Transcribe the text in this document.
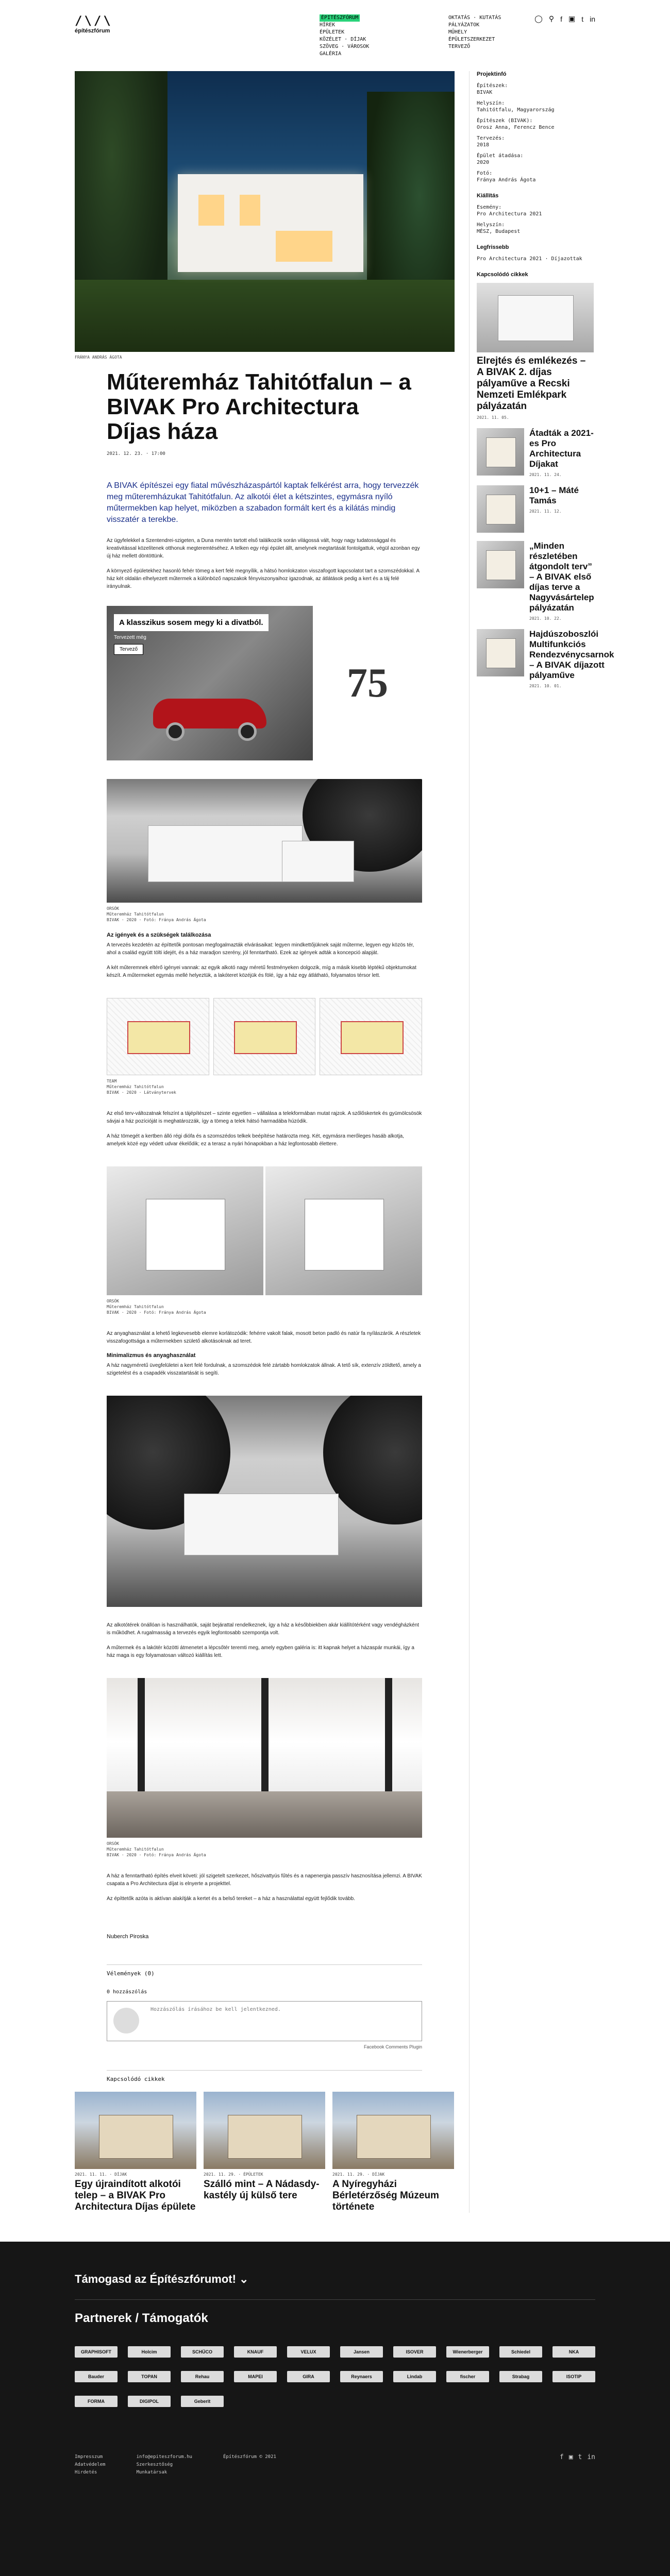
/\/\
építészfórum
ÉPITÉSZFÓRUM
HÍREK
ÉPÜLETEK
KÖZÉLET · DÍJAK
SZÖVEG · VÁROSOK
GALÉRIA
OKTATÁS · KUTATÁS
PÁLYÁZATOK
MŰHELY
ÉPÜLETSZERKEZET
TERVEZŐ
◯ ⚲ f ▣ t in
FRÁNYA ANDRÁS ÁGOTA
Műteremház Tahitótfalun – a BIVAK Pro Architectura Díjas háza
2021. 12. 23. · 17:00

A BIVAK építészei egy fiatal művészházaspártól kaptak felkérést arra, hogy tervezzék meg műteremházukat Tahitótfalun. Az alkotói élet a kétszintes, egymásra nyíló műtermekben kap helyet, miközben a szabadon formált kert és a kilátás mindig visszatér a terekbe.

Az ügyfelekkel a Szentendrei-szigeten, a Duna mentén tartott első találkozók során világossá vált, hogy nagy tudatossággal és kreativitással közelítenek otthonuk megteremtéséhez. A telken egy régi épület állt, amelynek megtartását fontolgattuk, végül azonban egy új ház mellett döntöttünk.

A környező épületekhez hasonló fehér tömeg a kert felé megnyílik, a hátsó homlokzaton visszafogott kapcsolatot tart a szomszédokkal. A ház két oldalán elhelyezett műtermek a különböző napszakok fényviszonyaihoz igazodnak, az átlátások pedig a kert és a táj felé irányulnak.

A klasszikus sosem megy ki a divatból.
Tervezett még
Tervező
75
ORSÓK
Műteremház Tahitótfalun
BIVAK · 2020 · Fotó: Fránya András Ágota
Az igények és a szükségek találkozása

A tervezés kezdetén az építtetők pontosan megfogalmazták elvárásaikat: legyen mindkettőjüknek saját műterme, legyen egy közös tér, ahol a család együtt tölti idejét, és a ház maradjon szerény, jól fenntartható. Ezek az igények adták a koncepció alapját.

A két műteremnek eltérő igényei vannak: az egyik alkotó nagy méretű festményeken dolgozik, míg a másik kisebb léptékű objektumokat készít. A műtermeket egymás mellé helyeztük, a lakóteret közéjük és fölé, így a ház egy átlátható, folyamatos térsor lett.

TEAM
Műteremház Tahitótfalun
BIVAK · 2020 · Látványtervek

Az első terv-változatnak felszínt a tájépítészet – szinte egyetlen – vállalása a telekformában mutat rajzok. A szőlőskertek és gyümölcsösök sávjai a ház pozícióját is meghatározzák, így a tömeg a telek hátsó harmadába húzódik.

A ház tömegét a kertben álló régi diófa és a szomszédos telkek beépítése határozta meg. Két, egymásra merőleges hasáb alkotja, amelyek közé egy védett udvar ékelődik; ez a terasz a nyári hónapokban a ház legfontosabb élettere.

ORSÓK
Műteremház Tahitótfalun
BIVAK · 2020 · Fotó: Fránya András Ágota

Az anyaghasználat a lehető legkevesebb elemre korlátozódik: fehérre vakolt falak, mosott beton padló és natúr fa nyílászárók. A részletek visszafogottsága a műtermekben születő alkotásoknak ad teret.

Minimalizmus és anyaghasználat

A ház nagyméretű üvegfelületei a kert felé fordulnak, a szomszédok felé zártabb homlokzatok állnak. A tető sík, extenzív zöldtető, amely a szigetelést és a csapadék visszatartását is segíti.

Az alkotótérek önállóan is használhatók, saját bejárattal rendelkeznek, így a ház a későbbiekben akár kiállítótérként vagy vendégházként is működhet. A rugalmasság a tervezés egyik legfontosabb szempontja volt.

A műtermek és a lakótér közötti átmenetet a lépcsőtér teremti meg, amely egyben galéria is: itt kapnak helyet a házaspár munkái, így a ház maga is egy folyamatosan változó kiállítás lett.

ORSÓK
Műteremház Tahitótfalun
BIVAK · 2020 · Fotó: Fránya András Ágota

A ház a fenntartható építés elveit követi: jól szigetelt szerkezet, hőszivattyús fűtés és a napenergia passzív hasznosítása jellemzi. A BIVAK csapata a Pro Architectura díjat is elnyerte a projekttel.

Az építtetők azóta is aktívan alakítják a kertet és a belső tereket – a ház a használattal együtt fejlődik tovább.

Nuberch Piroska
Vélemények (0)
0 hozzászólás
Hozzászólás írásához be kell jelentkezned.
Facebook Comments Plugin
Kapcsolódó cikkek
2021. 11. 11. · DÍJAK
Egy újraindított alkotói telep – a BIVAK Pro Architectura Díjas épülete
2021. 11. 29. · ÉPÜLETEK
Szálló mint – A Nádasdy-kastély új külső tere
2021. 11. 29. · DÍJAK
A Nyíregyházi Bérletérzőség Múzeum története
Projektinfó
Építészek:
BIVAK
Helyszín:
Tahitótfalu, Magyarország
Építészek (BIVAK):
Orosz Anna, Ferencz Bence
Tervezés:
2018
Épület átadása:
2020
Fotó:
Fránya András Ágota
Kiállítás
Esemény:
Pro Architectura 2021
Helyszín:
MÉSZ, Budapest
Legfrissebb
Pro Architectura 2021 · Díjazottak
Kapcsolódó cikkek
Elrejtés és emlékezés – A BIVAK 2. díjas pályaműve a Recski Nemzeti Emlékpark pályázatán
2021. 11. 05.
Átadták a 2021-es Pro Architectura Díjakat
2021. 11. 24.
10+1 – Máté Tamás
2021. 11. 12.
„Minden részletében átgondolt terv” – A BIVAK első díjas terve a Nagyvásártelep pályázatán
2021. 10. 22.
Hajdúszoboszlói Multifunkciós Rendezvénycsarnok – A BIVAK díjazott pályaműve
2021. 10. 01.
Támogasd az Építészfórumot! ⌄
Partnerek / Támogatók
GRAPHISOFT	Holcim	SCHÜCO	KNAUF	VELUX	Jansen	ISOVER	Wienerberger	Schiedel	NKA
Bauder	TOPAN	Rehau	MAPEI	GIRA	Reynaers	Lindab	fischer	Strabag	ISOTIP
FORMA	DIGIPOL	Geberit
Impresszum
Adatvédelem
Hirdetés
info@epiteszforum.hu
Szerkesztőség
Munkatársak
Építészfórum © 2021	f ▣ t in
